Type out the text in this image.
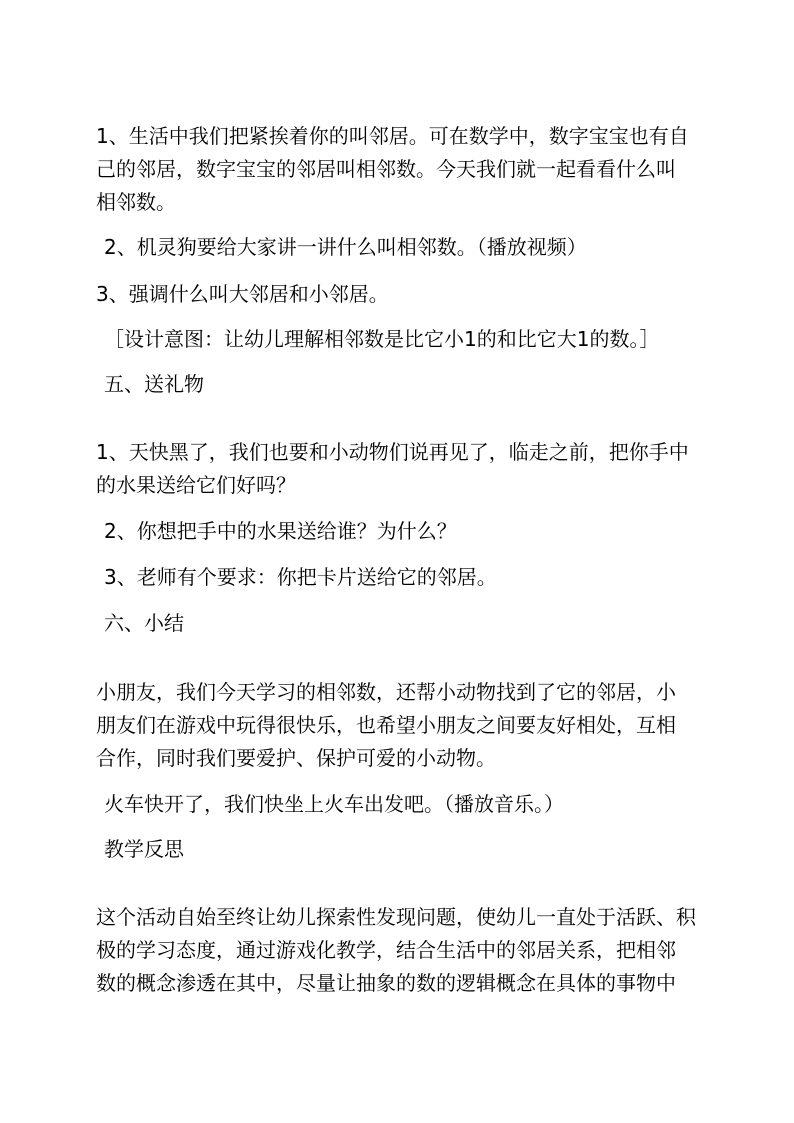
1、生活中我们把紧挨着你的叫邻居。可在数学中，数字宝宝也有自

己的邻居，数字宝宝的邻居叫相邻数。今天我们就一起看看什么叫

相邻数。

2、机灵狗要给大家讲一讲什么叫相邻数。（播放视频）

3、强调什么叫大邻居和小邻居。

［设计意图：让幼儿理解相邻数是比它小1的和比它大1的数。］

五、送礼物

1、天快黑了，我们也要和小动物们说再见了，临走之前，把你手中

的水果送给它们好吗？

2、你想把手中的水果送给谁？为什么？

3、老师有个要求：你把卡片送给它的邻居。

六、小结

小朋友，我们今天学习的相邻数，还帮小动物找到了它的邻居，小

朋友们在游戏中玩得很快乐，也希望小朋友之间要友好相处，互相

合作，同时我们要爱护、保护可爱的小动物。

火车快开了，我们快坐上火车出发吧。（播放音乐。）

教学反思

这个活动自始至终让幼儿探索性发现问题，使幼儿一直处于活跃、积

极的学习态度，通过游戏化教学，结合生活中的邻居关系，把相邻

数的概念渗透在其中，尽量让抽象的数的逻辑概念在具体的事物中
